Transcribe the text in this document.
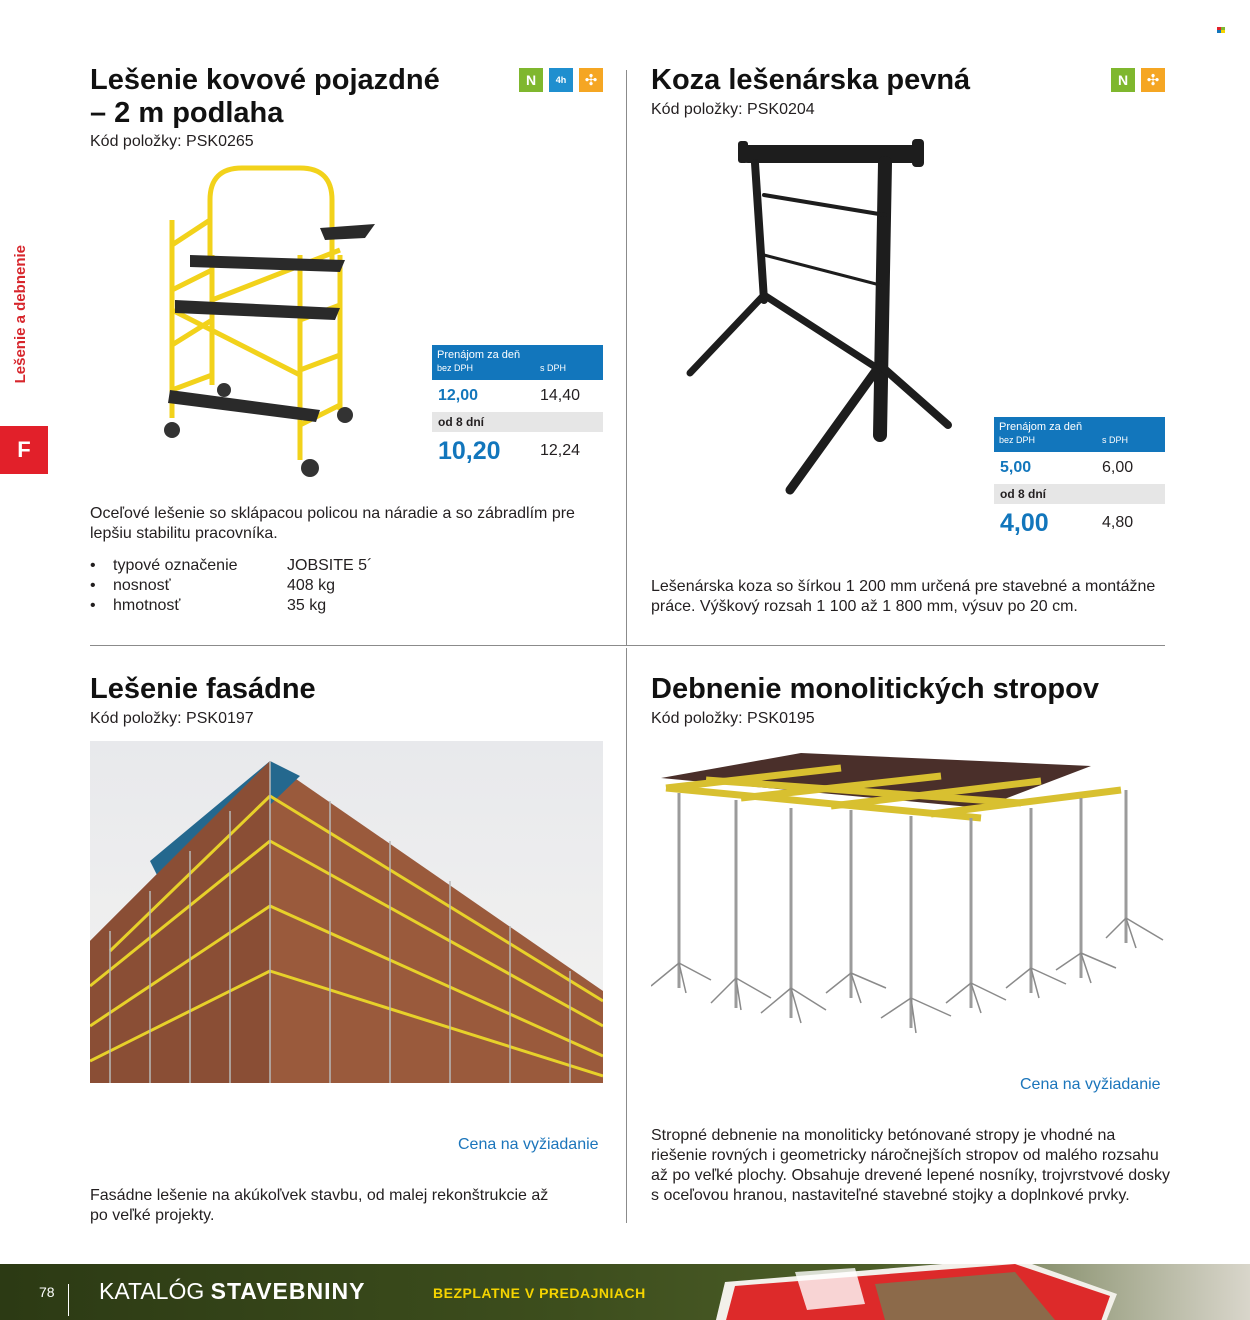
Lešenie a debnenie
F
Lešenie kovové pojazdné
– 2 m podlaha
Kód položky: PSK0265
N	4h	✣
Prenájom za deň
bez DPH	s DPH
12,00	14,40
od 8 dní
10,20	12,24
Oceľové lešenie so sklápacou policou na náradie a so zábradlím pre lepšiu stabilitu pracovníka.
•	typové označenie	JOBSITE 5´
•	nosnosť	408 kg
•	hmotnosť	35 kg
Koza lešenárska pevná
Kód položky: PSK0204
N	✣
Prenájom za deň
bez DPH	s DPH
5,00	6,00
od 8 dní
4,00	4,80
Lešenárska koza so šírkou 1 200 mm určená pre stavebné a montážne práce. Výškový rozsah 1 100 až 1 800 mm, výsuv po 20 cm.
Lešenie fasádne
Kód položky: PSK0197
Cena na vyžiadanie
Fasádne lešenie na akúkoľvek stavbu, od malej rekonštrukcie až po veľké projekty.
Debnenie monolitických stropov
Kód položky: PSK0195
Cena na vyžiadanie
Stropné debnenie na monoliticky betónované stropy je vhodné na riešenie rovných i geometricky náročnejších stropov od malého rozsahu až po veľké plochy. Obsahuje drevené lepené nosníky, trojvrstvové dosky s oceľovou hranou, nastaviteľné stavebné stojky a doplnkové prvky.
78 KATALÓG STAVEBNINY	BEZPLATNE V PREDAJNIACH
